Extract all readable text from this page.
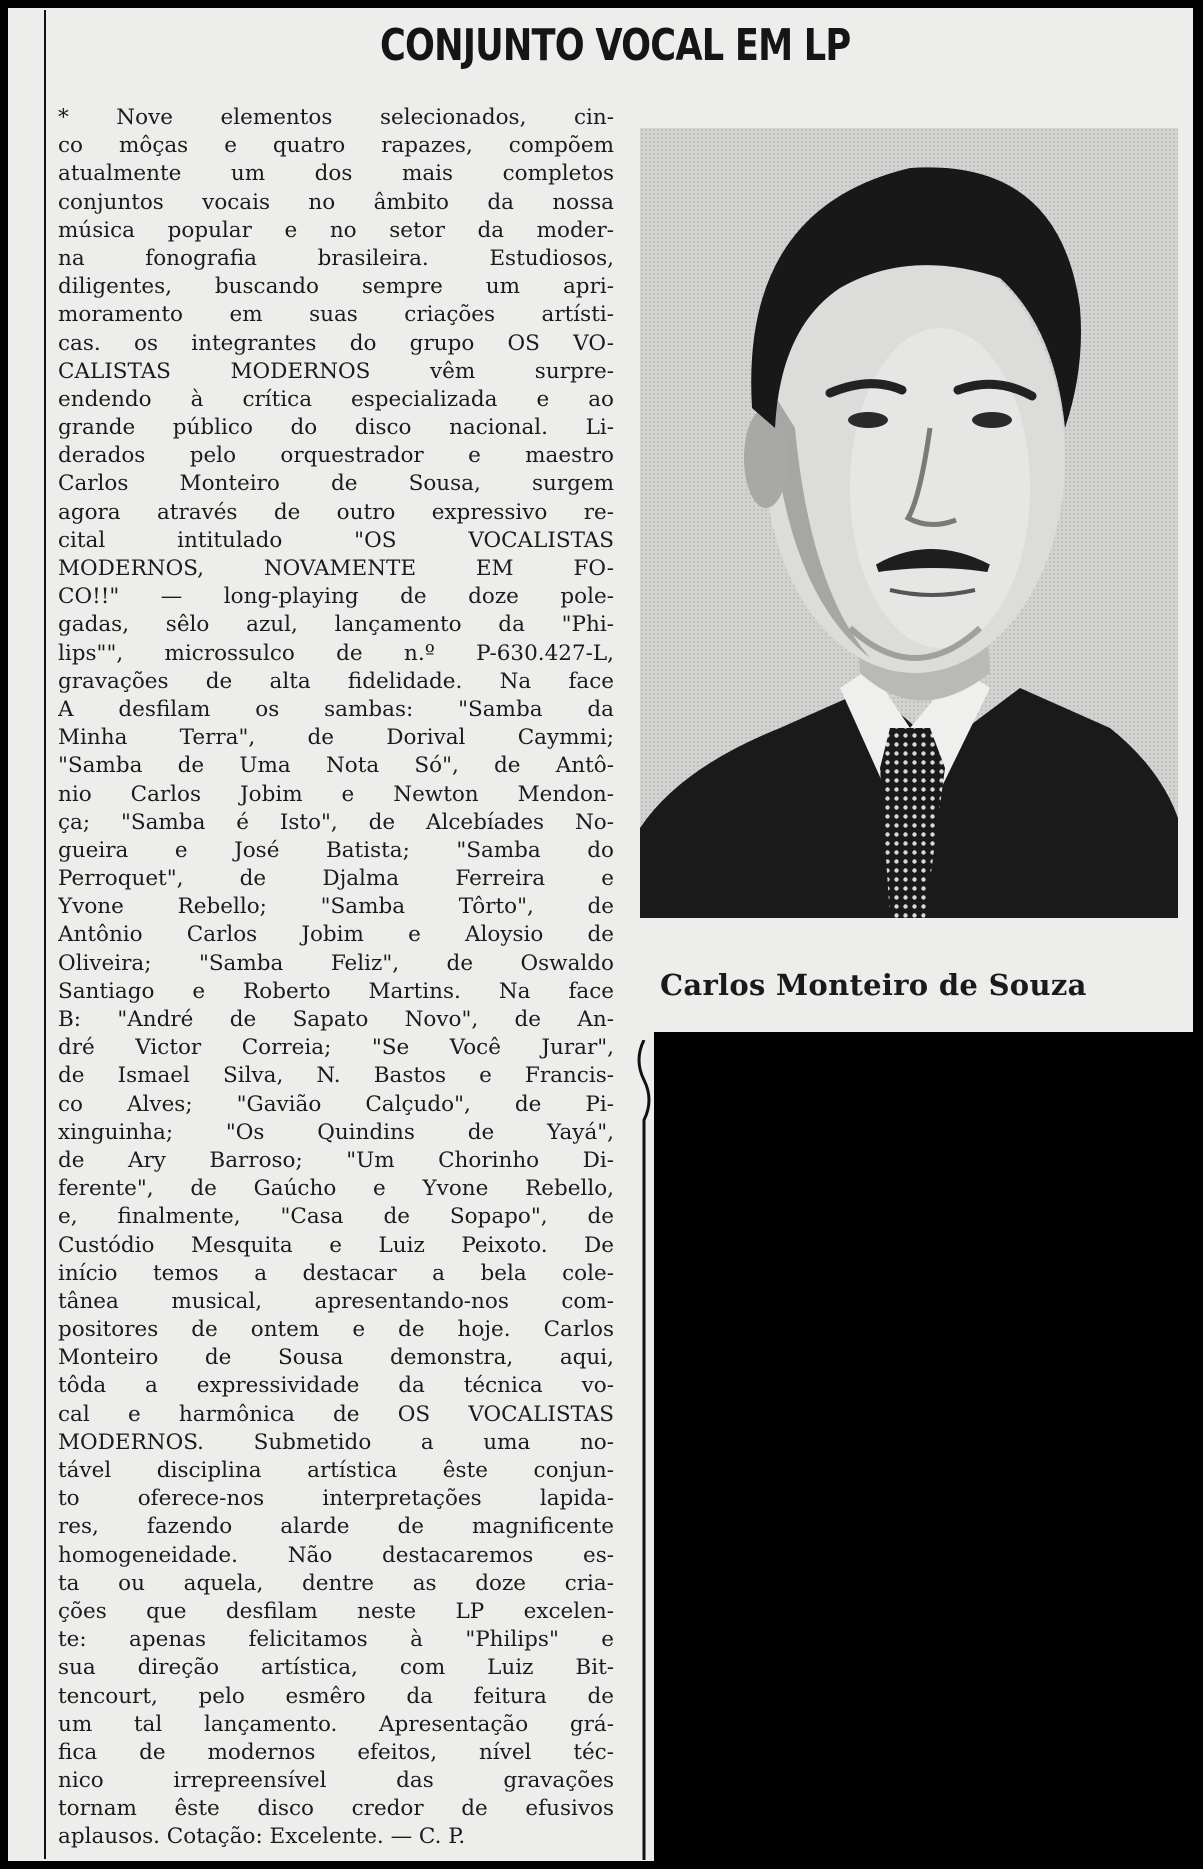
CONJUNTO VOCAL EM LP
* Nove elementos selecionados, cin-
co môças e quatro rapazes, compõem
atualmente um dos mais completos
conjuntos vocais no âmbito da nossa
música popular e no setor da moder-
na fonografia brasileira. Estudiosos,
diligentes, buscando sempre um apri-
moramento em suas criações artísti-
cas. os integrantes do grupo OS VO-
CALISTAS MODERNOS vêm surpre-
endendo à crítica especializada e ao
grande público do disco nacional. Li-
derados pelo orquestrador e maestro
Carlos Monteiro de Sousa, surgem
agora através de outro expressivo re-
cital intitulado "OS VOCALISTAS
MODERNOS, NOVAMENTE EM FO-
CO!!" — long-playing de doze pole-
gadas, sêlo azul, lançamento da "Phi-
lips"", microssulco de n.º P-630.427-L,
gravações de alta fidelidade. Na face
A desfilam os sambas: "Samba da
Minha Terra", de Dorival Caymmi;
"Samba de Uma Nota Só", de Antô-
nio Carlos Jobim e Newton Mendon-
ça; "Samba é Isto", de Alcebíades No-
gueira e José Batista; "Samba do
Perroquet", de Djalma Ferreira e
Yvone Rebello; "Samba Tôrto", de
Antônio Carlos Jobim e Aloysio de
Oliveira; "Samba Feliz", de Oswaldo
Santiago e Roberto Martins. Na face
B: "André de Sapato Novo", de An-
dré Victor Correia; "Se Você Jurar",
de Ismael Silva, N. Bastos e Francis-
co Alves; "Gavião Calçudo", de Pi-
xinguinha; "Os Quindins de Yayá",
de Ary Barroso; "Um Chorinho Di-
ferente", de Gaúcho e Yvone Rebello,
e, finalmente, "Casa de Sopapo", de
Custódio Mesquita e Luiz Peixoto. De
início temos a destacar a bela cole-
tânea musical, apresentando-nos com-
positores de ontem e de hoje. Carlos
Monteiro de Sousa demonstra, aqui,
tôda a expressividade da técnica vo-
cal e harmônica de OS VOCALISTAS
MODERNOS. Submetido a uma no-
tável disciplina artística êste conjun-
to oferece-nos interpretações lapida-
res, fazendo alarde de magnificente
homogeneidade. Não destacaremos es-
ta ou aquela, dentre as doze cria-
ções que desfilam neste LP excelen-
te: apenas felicitamos à "Philips" e
sua direção artística, com Luiz Bit-
tencourt, pelo esmêro da feitura de
um tal lançamento. Apresentação grá-
fica de modernos efeitos, nível téc-
nico irrepreensível das gravações
tornam êste disco credor de efusivos
aplausos. Cotação: Excelente. — C. P.
Carlos Monteiro de Souza
